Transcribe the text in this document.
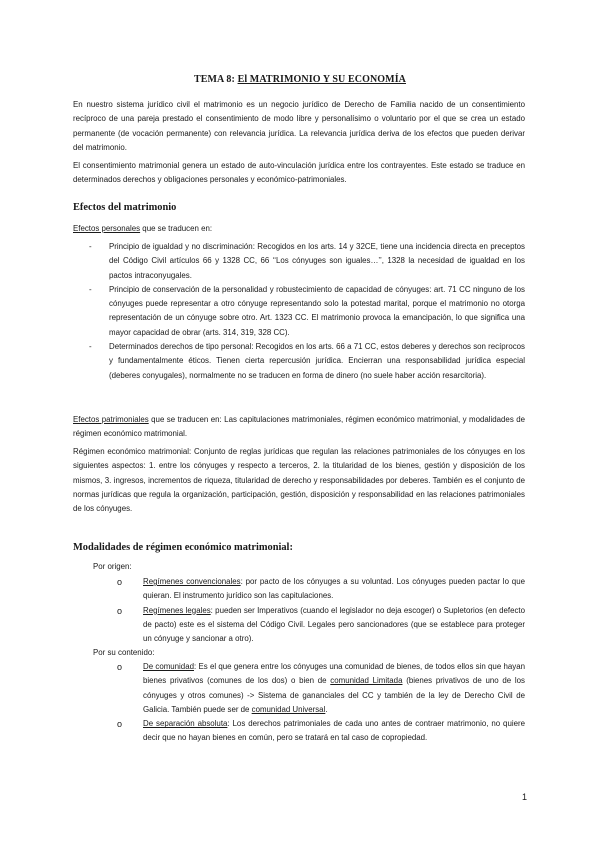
TEMA 8: El MATRIMONIO Y SU ECONOMÍA

En nuestro sistema jurídico civil el matrimonio es un negocio jurídico de Derecho de Familia nacido de un consentimiento recíproco de una pareja prestado el consentimiento de modo libre y personalísimo o voluntario por el que se crea un estado permanente (de vocación permanente) con relevancia jurídica. La relevancia jurídica deriva de los efectos que pueden derivar del matrimonio.

El consentimiento matrimonial genera un estado de auto-vinculación jurídica entre los contrayentes. Este estado se traduce en determinados derechos y obligaciones personales y económico-patrimoniales.

Efectos del matrimonio

Efectos personales que se traducen en:

- Principio de igualdad y no discriminación: Recogidos en los arts. 14 y 32CE, tiene una incidencia directa en preceptos del Código Civil artículos 66 y 1328 CC, 66 ‘‘Los cónyuges son iguales…’’, 1328 la necesidad de igualdad en los pactos intraconyugales.
- Principio de conservación de la personalidad y robustecimiento de capacidad de cónyuges: art. 71 CC ninguno de los cónyuges puede representar a otro cónyuge representando solo la potestad marital, porque el matrimonio no otorga representación de un cónyuge sobre otro. Art. 1323 CC. El matrimonio provoca la emancipación, lo que significa una mayor capacidad de obrar (arts. 314, 319, 328 CC).
- Determinados derechos de tipo personal: Recogidos en los arts. 66 a 71 CC, estos deberes y derechos son recíprocos y fundamentalmente éticos. Tienen cierta repercusión jurídica. Encierran una responsabilidad jurídica especial (deberes conyugales), normalmente no se traducen en forma de dinero (no suele haber acción resarcitoria).

Efectos patrimoniales que se traducen en: Las capitulaciones matrimoniales, régimen económico matrimonial, y modalidades de régimen económico matrimonial.

Régimen económico matrimonial: Conjunto de reglas jurídicas que regulan las relaciones patrimoniales de los cónyuges en los siguientes aspectos: 1. entre los cónyuges y respecto a terceros, 2. la titularidad de los bienes, gestión y disposición de los mismos, 3. ingresos, incrementos de riqueza, titularidad de derecho y responsabilidades por deberes. También es el conjunto de normas jurídicas que regula la organización, participación, gestión, disposición y responsabilidad en las relaciones patrimoniales de los cónyuges.

Modalidades de régimen económico matrimonial:

Por origen:

o	Regímenes convencionales: por pacto de los cónyuges a su voluntad. Los cónyuges pueden pactar lo que quieran. El instrumento jurídico son las capitulaciones.
o	Regímenes legales: pueden ser Imperativos (cuando el legislador no deja escoger) o Supletorios (en defecto de pacto) este es el sistema del Código Civil. Legales pero sancionadores (que se establece para proteger un cónyuge y sancionar a otro).

Por su contenido:

o	De comunidad: Es el que genera entre los cónyuges una comunidad de bienes, de todos ellos sin que hayan bienes privativos (comunes de los dos) o bien de comunidad Limitada (bienes privativos de uno de los cónyuges y otros comunes) -> Sistema de gananciales del CC y también de la ley de Derecho Civil de Galicia. También puede ser de comunidad Universal.
o	De separación absoluta: Los derechos patrimoniales de cada uno antes de contraer matrimonio, no quiere decir que no hayan bienes en común, pero se tratará en tal caso de copropiedad.
1
